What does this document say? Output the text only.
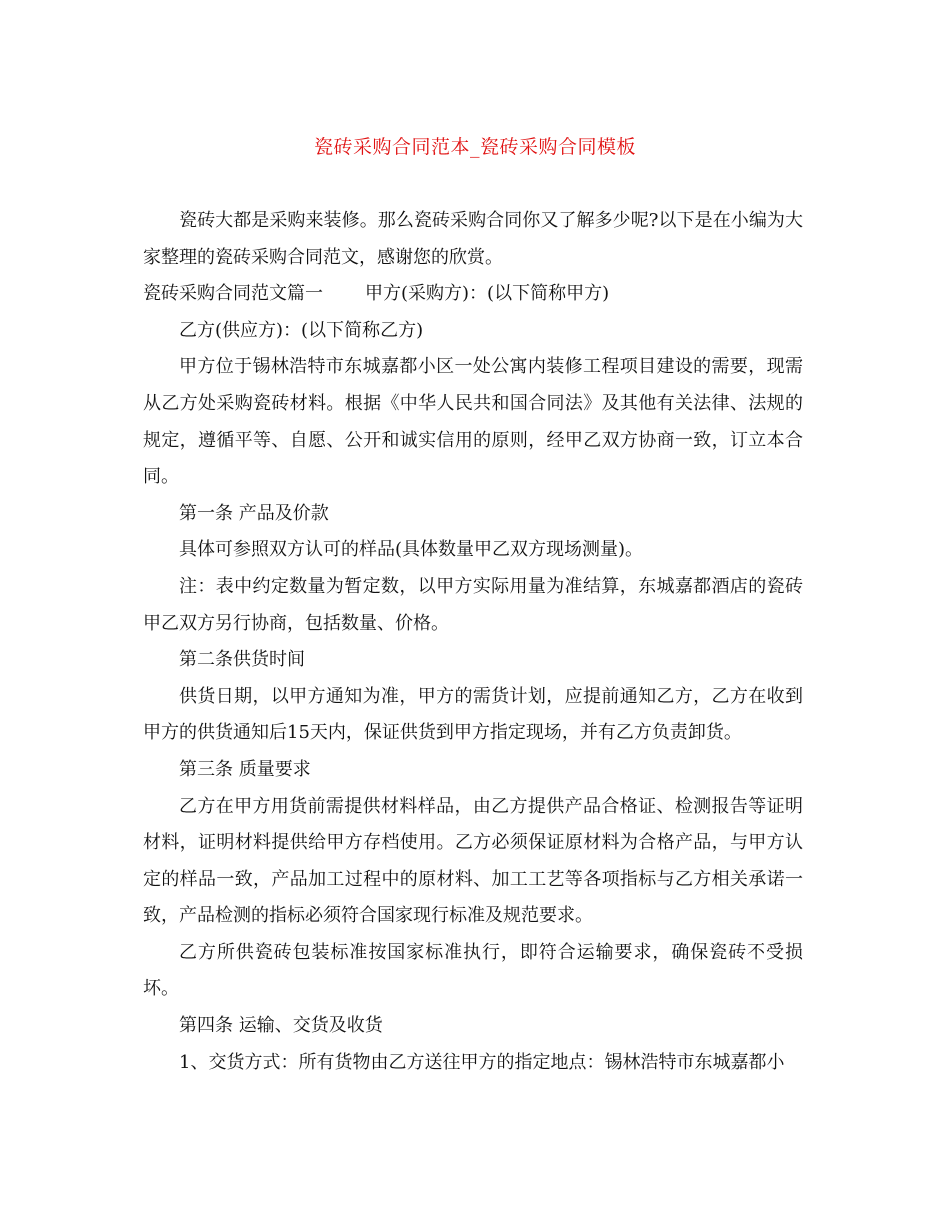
瓷砖采购合同范本_瓷砖采购合同模板

瓷砖大都是采购来装修。那么瓷砖采购合同你又了解多少呢?以下是在小编为大家整理的瓷砖采购合同范文，感谢您的欣赏。

瓷砖采购合同范文篇一 甲方(采购方)：(以下简称甲方)

乙方(供应方)：(以下简称乙方)

甲方位于锡林浩特市东城嘉都小区一处公寓内装修工程项目建设的需要，现需从乙方处采购瓷砖材料。根据《中华人民共和国合同法》及其他有关法律、法规的规定，遵循平等、自愿、公开和诚实信用的原则，经甲乙双方协商一致，订立本合同。

第一条 产品及价款

具体可参照双方认可的样品(具体数量甲乙双方现场测量)。

注：表中约定数量为暂定数，以甲方实际用量为准结算，东城嘉都酒店的瓷砖甲乙双方另行协商，包括数量、价格。

第二条供货时间

供货日期，以甲方通知为准，甲方的需货计划，应提前通知乙方，乙方在收到甲方的供货通知后15天内，保证供货到甲方指定现场，并有乙方负责卸货。

第三条 质量要求

乙方在甲方用货前需提供材料样品，由乙方提供产品合格证、检测报告等证明材料，证明材料提供给甲方存档使用。乙方必须保证原材料为合格产品，与甲方认定的样品一致，产品加工过程中的原材料、加工工艺等各项指标与乙方相关承诺一致，产品检测的指标必须符合国家现行标准及规范要求。

乙方所供瓷砖包装标准按国家标准执行，即符合运输要求，确保瓷砖不受损坏。

第四条 运输、交货及收货

1、交货方式：所有货物由乙方送往甲方的指定地点：锡林浩特市东城嘉都小
